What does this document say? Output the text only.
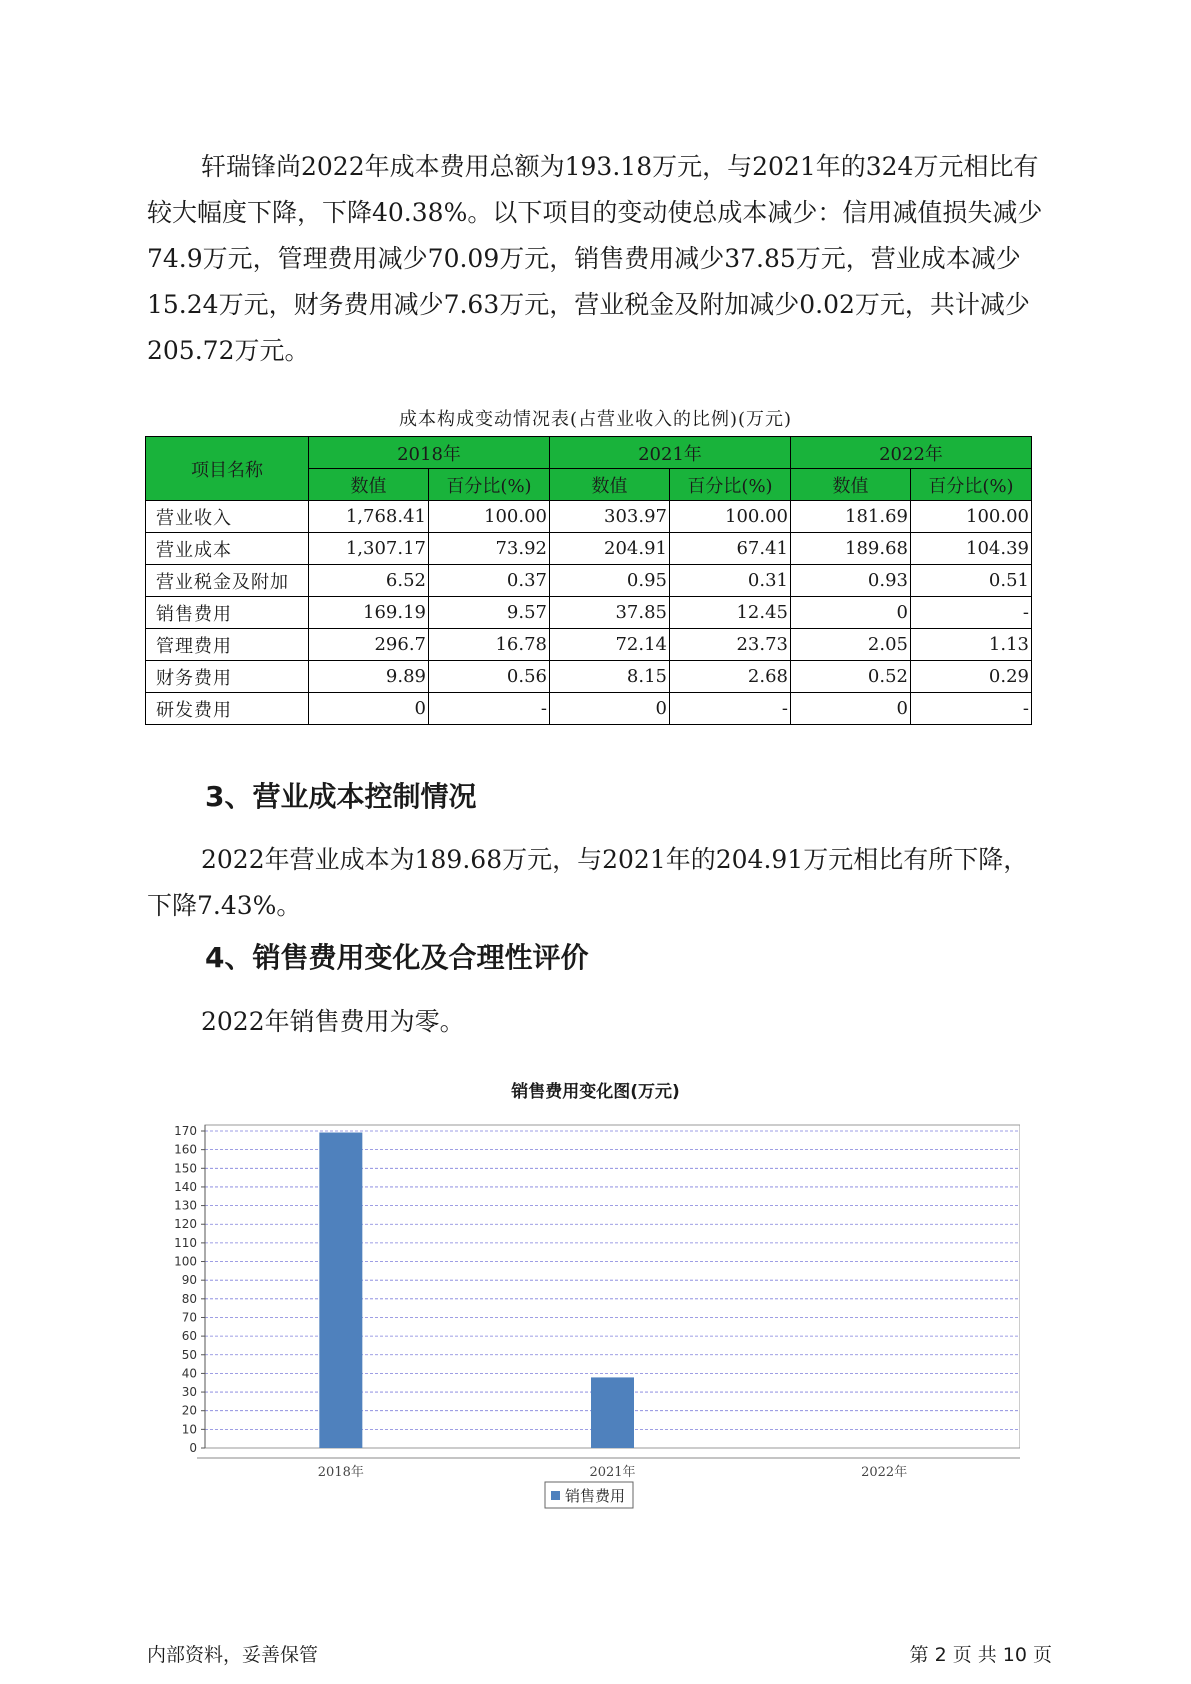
轩瑞锋尚2022年成本费用总额为193.18万元，与2021年的324万元相比有较大幅度下降，下降40.38%。以下项目的变动使总成本减少：信用减值损失减少74.9万元，管理费用减少70.09万元，销售费用减少37.85万元，营业成本减少15.24万元，财务费用减少7.63万元，营业税金及附加减少0.02万元，共计减少205.72万元。

成本构成变动情况表(占营业收入的比例)(万元)
项目名称	2018年		2021年		2022年	
	数值	百分比(%)	数值	百分比(%)	数值	百分比(%)
营业收入	1,768.41	100.00	303.97	100.00	181.69	100.00
营业成本	1,307.17	73.92	204.91	67.41	189.68	104.39
营业税金及附加	6.52	0.37	0.95	0.31	0.93	0.51
销售费用	169.19	9.57	37.85	12.45	0	-
管理费用	296.7	16.78	72.14	23.73	2.05	1.13
财务费用	9.89	0.56	8.15	2.68	0.52	0.29
研发费用	0	-	0	-	0	-
3、营业成本控制情况

2022年营业成本为189.68万元，与2021年的204.91万元相比有所下降，下降7.43%。

4、销售费用变化及合理性评价

2022年销售费用为零。

销售费用变化图(万元)
0
10
20
30
40
50
60
70
80
90
100
110
120
130
140
150
160
170
2018年	2021年	2022年
销售费用
内部资料，妥善保管	第 2 页 共 10 页
